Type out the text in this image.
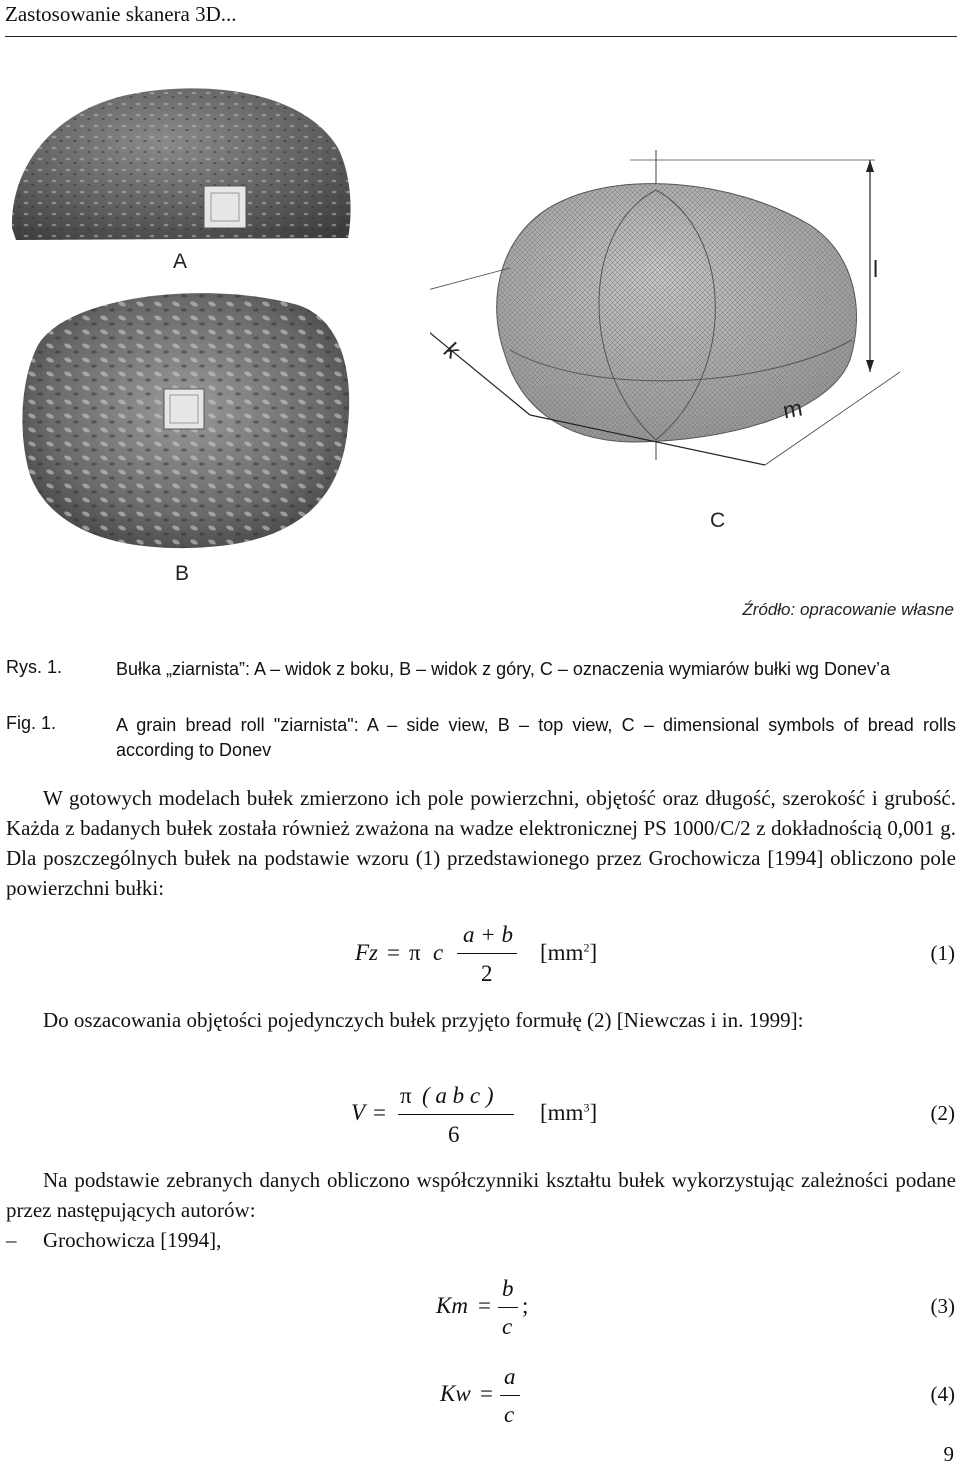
Zastosowanie skanera 3D...
A
B
l
k
m
C
Źródło: opracowanie własne
Rys. 1.	Bułka „ziarnista”: A – widok z boku, B – widok z góry, C – oznaczenia wymiarów bułki wg Donev’a
Fig. 1.	A grain bread roll "ziarnista": A – side view, B – top view, C – dimensional symbols of bread rolls according to Donev
W gotowych modelach bułek zmierzono ich pole powierzchni, objętość oraz długość, szerokość i grubość. Każda z badanych bułek została również zważona na wadze elektronicznej PS 1000/C/2 z dokładnością 0,001 g. Dla poszczególnych bułek na podstawie wzoru (1) przedstawionego przez Grochowicza [1994] obliczono pole powierzchni bułki:
Fz = π c
a + b
2
$[mm^2]$	(1)
Do oszacowania objętości pojedynczych bułek przyjęto formułę (2) [Niewczas i in. 1999]:
V =
π ( a b c )
6
$[mm^3]$	(2)
Na podstawie zebranych danych obliczono współczynniki kształtu bułek wykorzystując zależności podane przez następujących autorów:
– Grochowicza [1994],
Km =
b
c
;	(3)
Kw =
a
c
(4)
9
